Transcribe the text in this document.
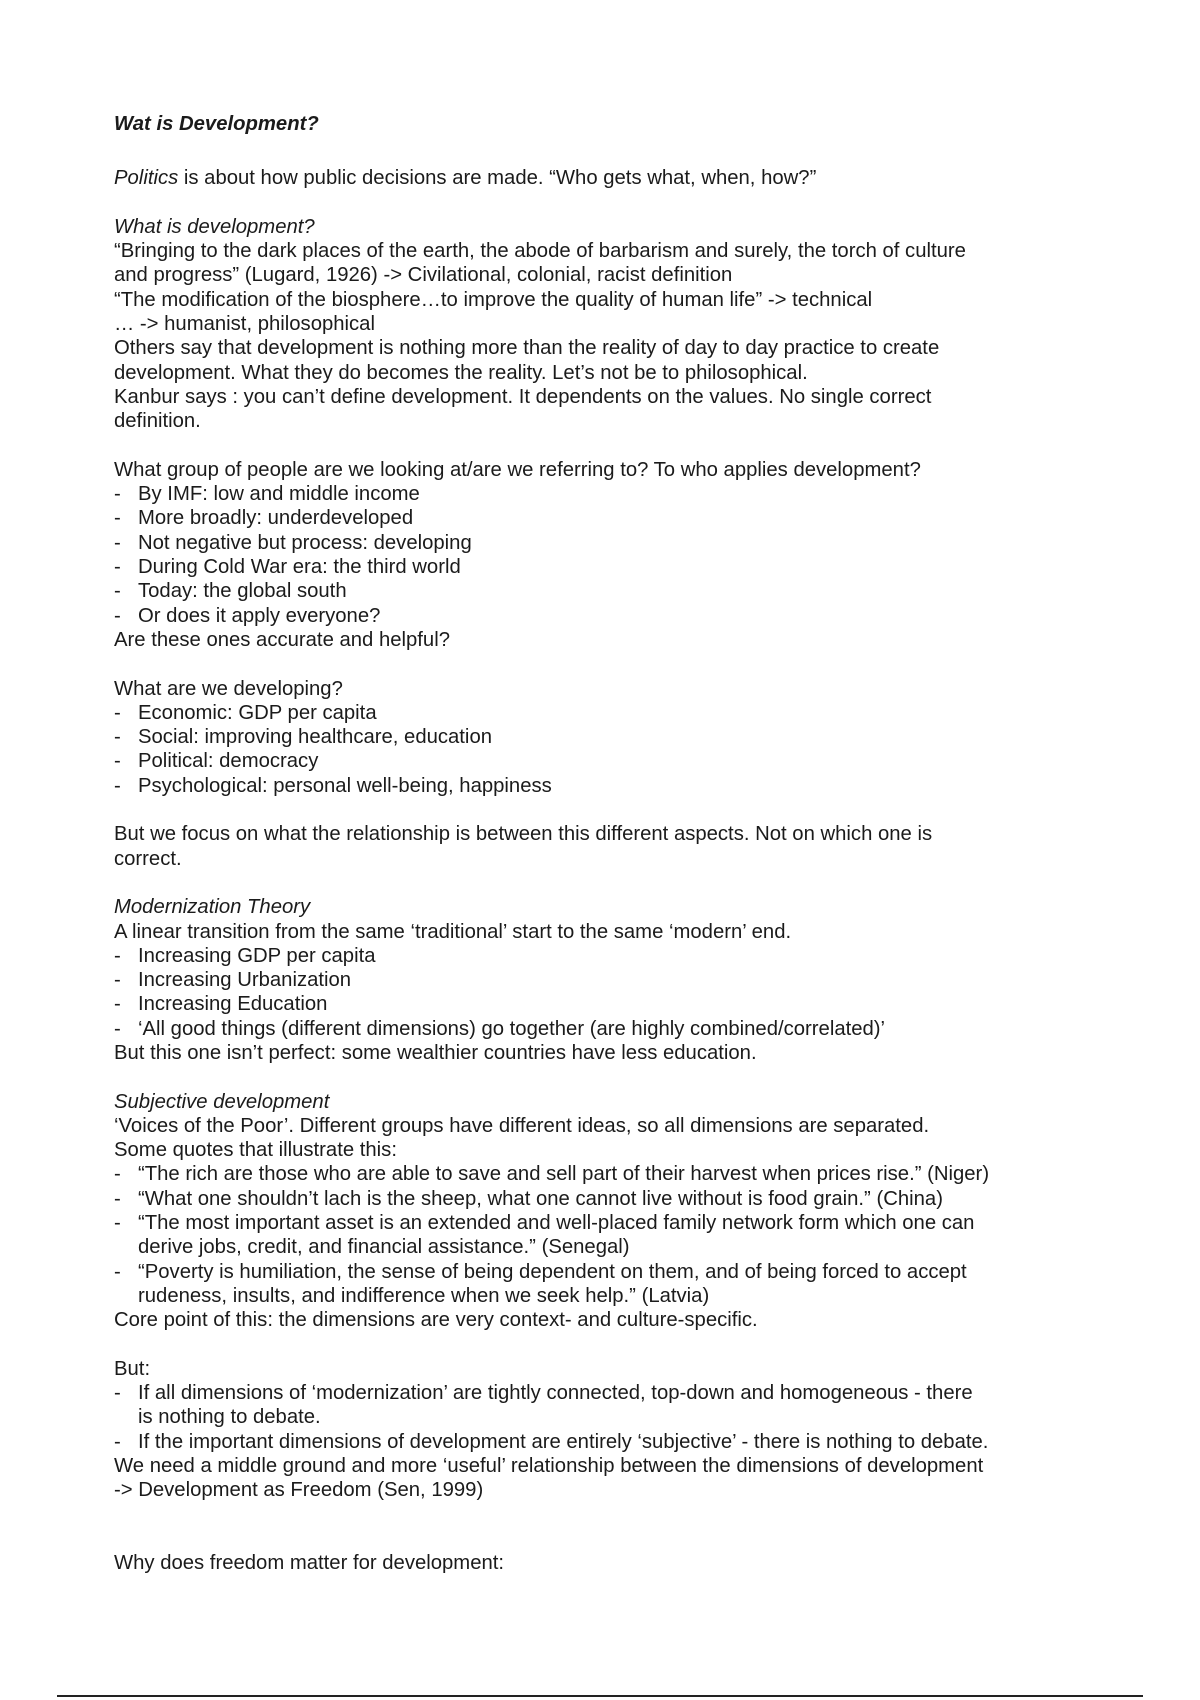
Wat is Development?

Politics is about how public decisions are made. “Who gets what, when, how?”

What is development?

“Bringing to the dark places of the earth, the abode of barbarism and surely, the torch of culture

and progress” (Lugard, 1926) -> Civilational, colonial, racist definition

“The modification of the biosphere…to improve the quality of human life” -> technical

… -> humanist, philosophical

Others say that development is nothing more than the reality of day to day practice to create

development. What they do becomes the reality. Let’s not be to philosophical.

Kanbur says : you can’t define development. It dependents on the values. No single correct

definition.

What group of people are we looking at/are we referring to? To who applies development?

- By IMF: low and middle income

- More broadly: underdeveloped

- Not negative but process: developing

- During Cold War era: the third world

- Today: the global south

- Or does it apply everyone?

Are these ones accurate and helpful?

What are we developing?

- Economic: GDP per capita

- Social: improving healthcare, education

- Political: democracy

- Psychological: personal well-being, happiness

But we focus on what the relationship is between this different aspects. Not on which one is

correct.

Modernization Theory

A linear transition from the same ‘traditional’ start to the same ‘modern’ end.

- Increasing GDP per capita

- Increasing Urbanization

- Increasing Education

- ‘All good things (different dimensions) go together (are highly combined/correlated)’

But this one isn’t perfect: some wealthier countries have less education.

Subjective development

‘Voices of the Poor’. Different groups have different ideas, so all dimensions are separated.

Some quotes that illustrate this:

- “The rich are those who are able to save and sell part of their harvest when prices rise.” (Niger)

- “What one shouldn’t lach is the sheep, what one cannot live without is food grain.” (China)

- “The most important asset is an extended and well-placed family network form which one can
derive jobs, credit, and financial assistance.” (Senegal)

- “Poverty is humiliation, the sense of being dependent on them, and of being forced to accept
rudeness, insults, and indifference when we seek help.” (Latvia)

Core point of this: the dimensions are very context- and culture-specific.

But:

- If all dimensions of ‘modernization’ are tightly connected, top-down and homogeneous - there
is nothing to debate.

- If the important dimensions of development are entirely ‘subjective’ - there is nothing to debate.

We need a middle ground and more ‘useful’ relationship between the dimensions of development

-> Development as Freedom (Sen, 1999)

Why does freedom matter for development:
